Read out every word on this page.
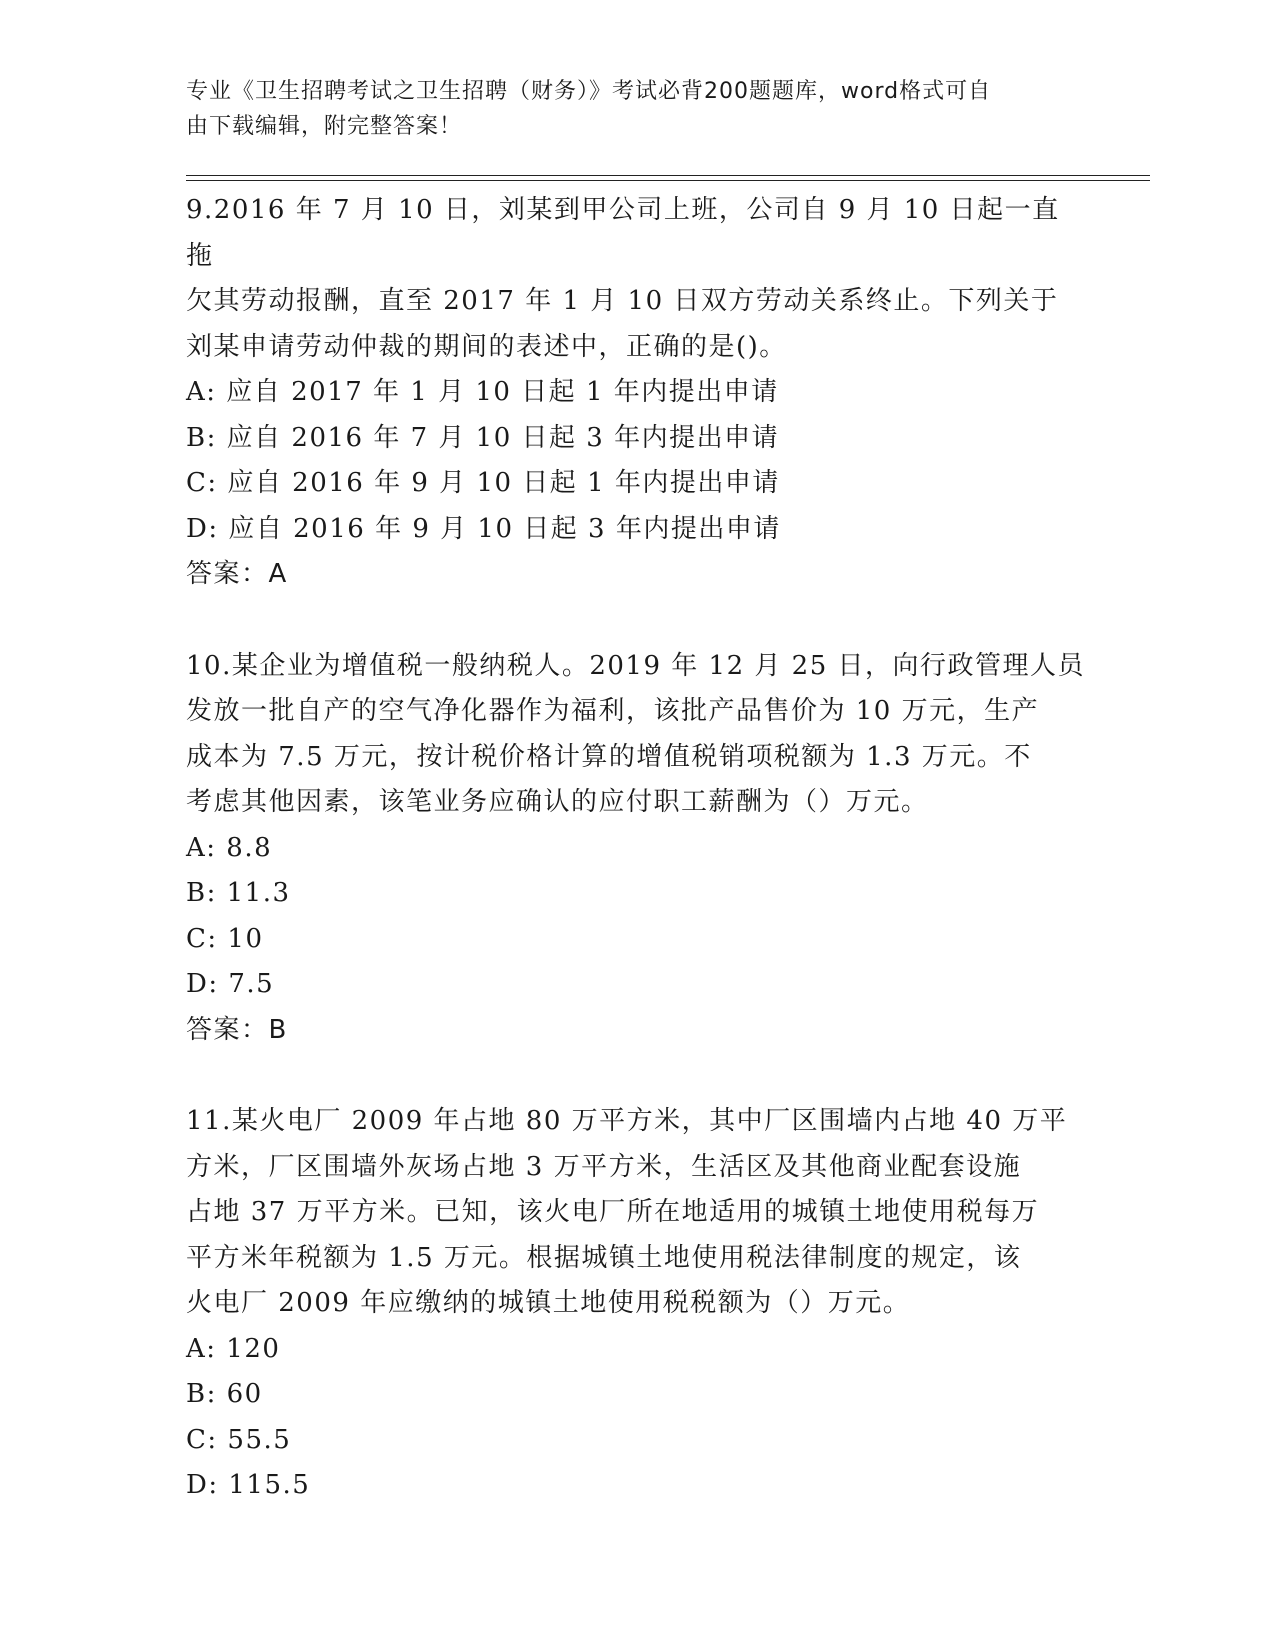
专业《卫生招聘考试之卫生招聘（财务）》考试必背200题题库，word格式可自
由下载编辑，附完整答案！
9.2016 年 7 月 10 日，刘某到甲公司上班，公司自 9 月 10 日起一直拖
欠其劳动报酬，直至 2017 年 1 月 10 日双方劳动关系终止。下列关于
刘某申请劳动仲裁的期间的表述中，正确的是()。
A: 应自 2017 年 1 月 10 日起 1 年内提出申请
B: 应自 2016 年 7 月 10 日起 3 年内提出申请
C: 应自 2016 年 9 月 10 日起 1 年内提出申请
D: 应自 2016 年 9 月 10 日起 3 年内提出申请
答案：A
10.某企业为增值税一般纳税人。2019 年 12 月 25 日，向行政管理人员
发放一批自产的空气净化器作为福利，该批产品售价为 10 万元，生产
成本为 7.5 万元，按计税价格计算的增值税销项税额为 1.3 万元。不
考虑其他因素，该笔业务应确认的应付职工薪酬为（）万元。
A: 8.8
B: 11.3
C: 10
D: 7.5
答案：B
11.某火电厂 2009 年占地 80 万平方米，其中厂区围墙内占地 40 万平
方米，厂区围墙外灰场占地 3 万平方米，生活区及其他商业配套设施
占地 37 万平方米。已知，该火电厂所在地适用的城镇土地使用税每万
平方米年税额为 1.5 万元。根据城镇土地使用税法律制度的规定，该
火电厂 2009 年应缴纳的城镇土地使用税税额为（）万元。
A: 120
B: 60
C: 55.5
D: 115.5
